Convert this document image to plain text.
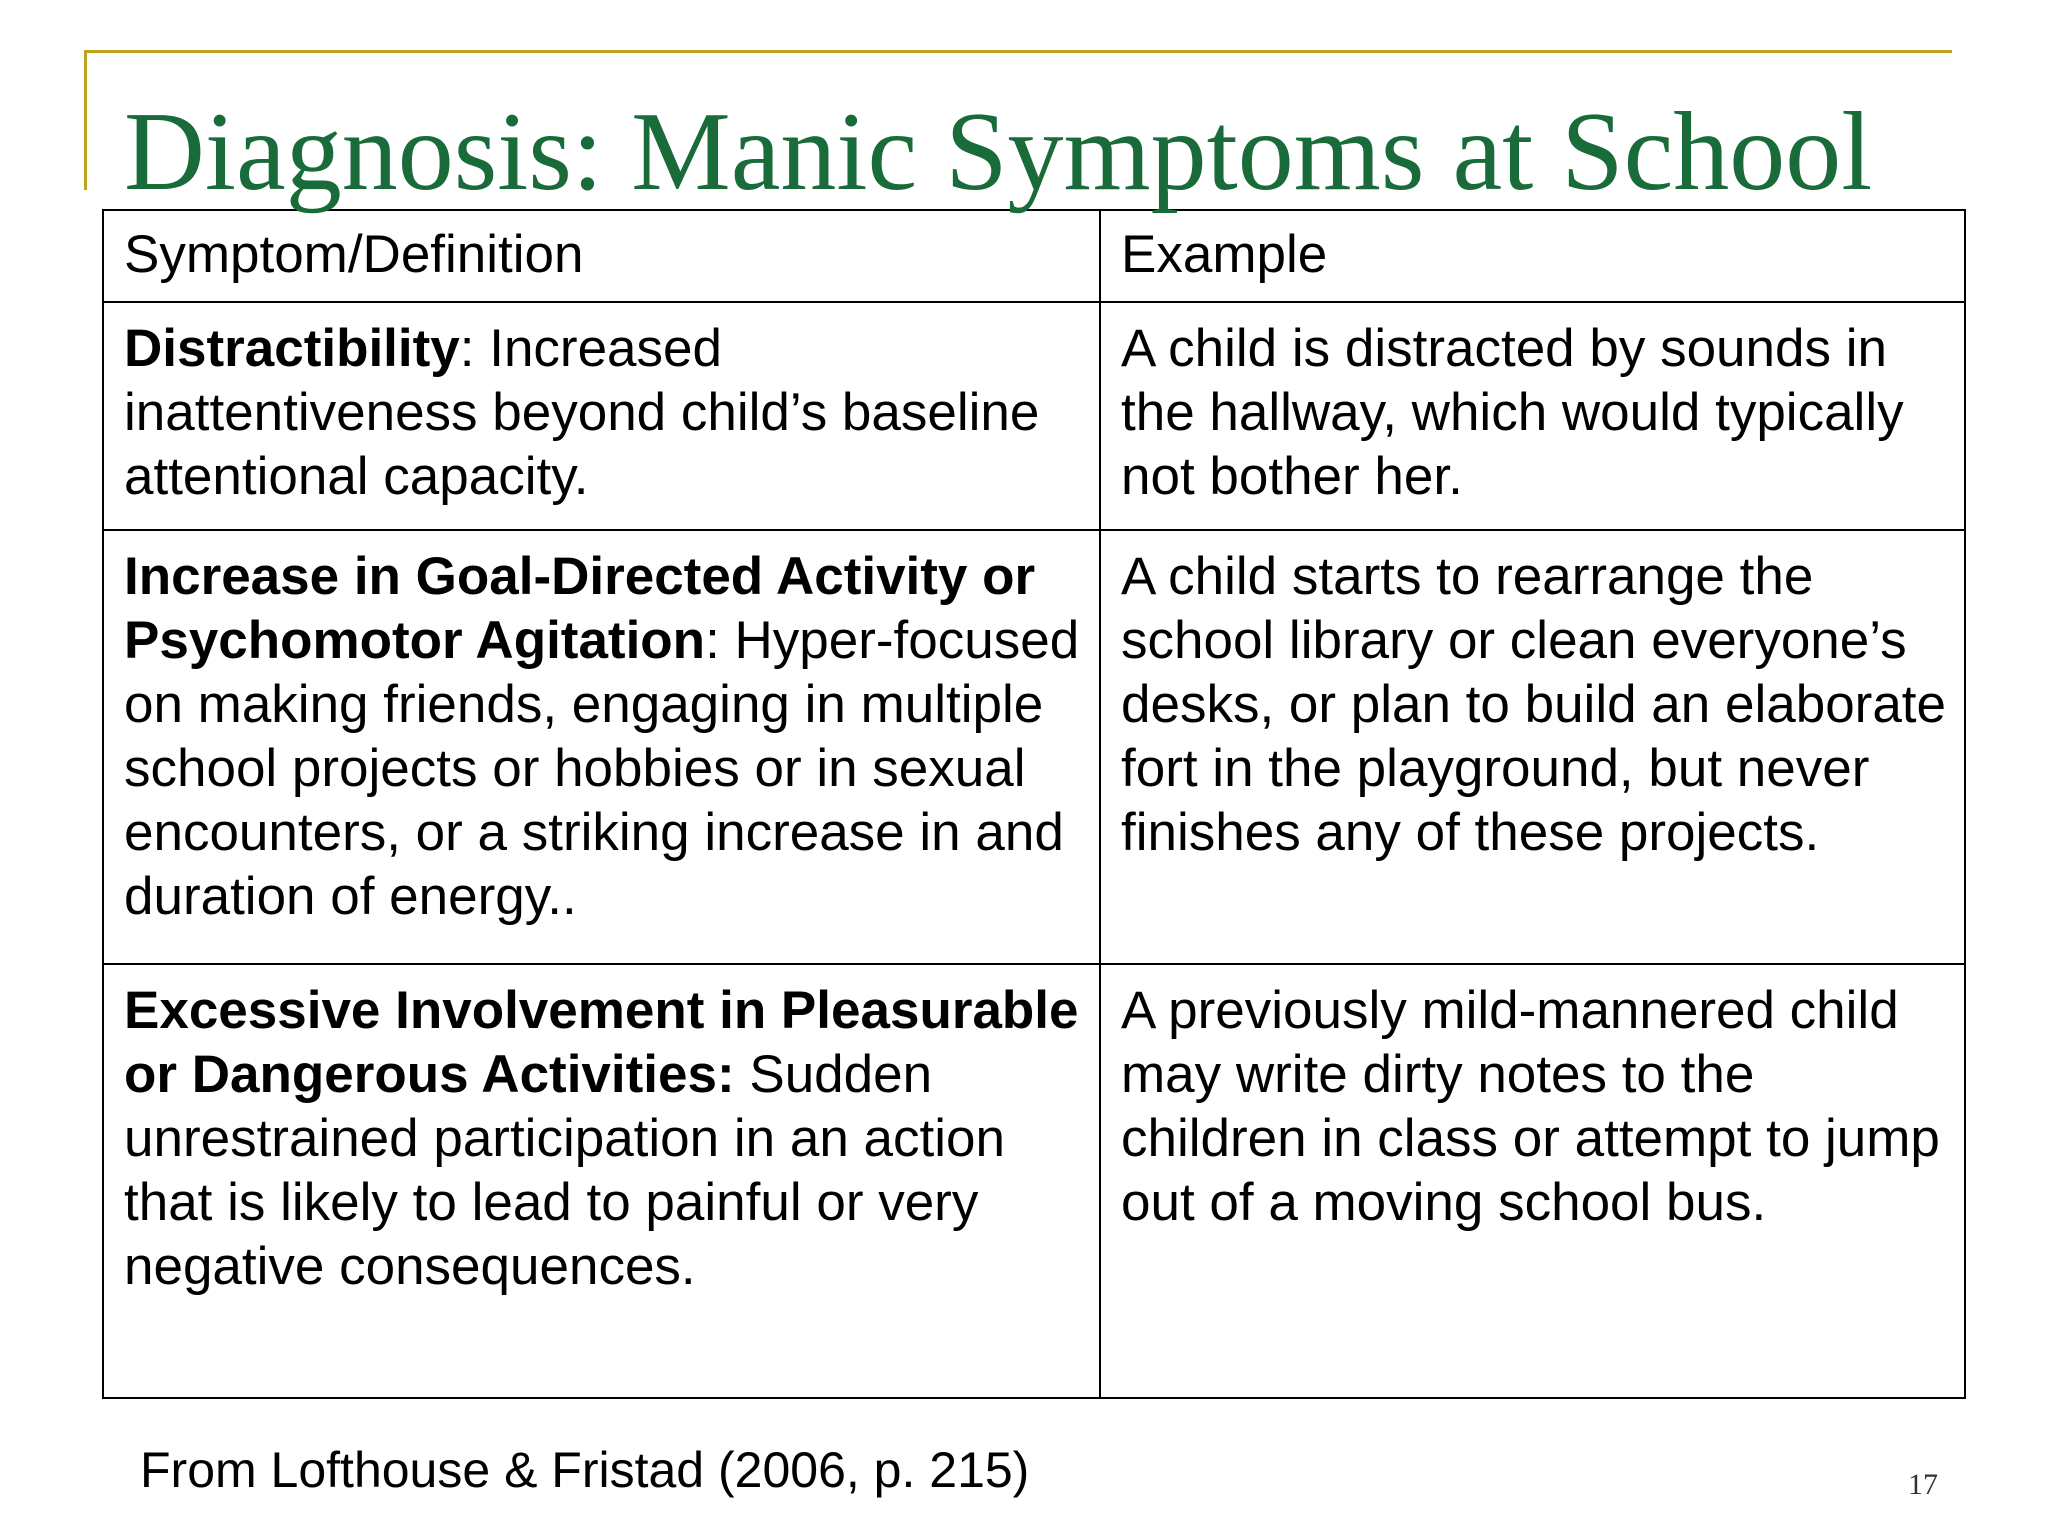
Diagnosis: Manic Symptoms at School
Symptom/Definition	Example
Distractibility: Increased inattentiveness beyond child’s baseline attentional capacity.	A child is distracted by sounds in the hallway, which would typically not bother her.
Increase in Goal-Directed Activity or Psychomotor Agitation: Hyper-focused on making friends, engaging in multiple school projects or hobbies or in sexual encounters, or a striking increase in and duration of energy..	A child starts to rearrange the school library or clean everyone’s desks, or plan to build an elaborate fort in the playground, but never finishes any of these projects.
Excessive Involvement in Pleasurable or Dangerous Activities: Sudden unrestrained participation in an action that is likely to lead to painful or very negative consequences.	A previously mild-mannered child may write dirty notes to the children in class or attempt to jump out of a moving school bus.
From Lofthouse & Fristad (2006, p. 215)	17
